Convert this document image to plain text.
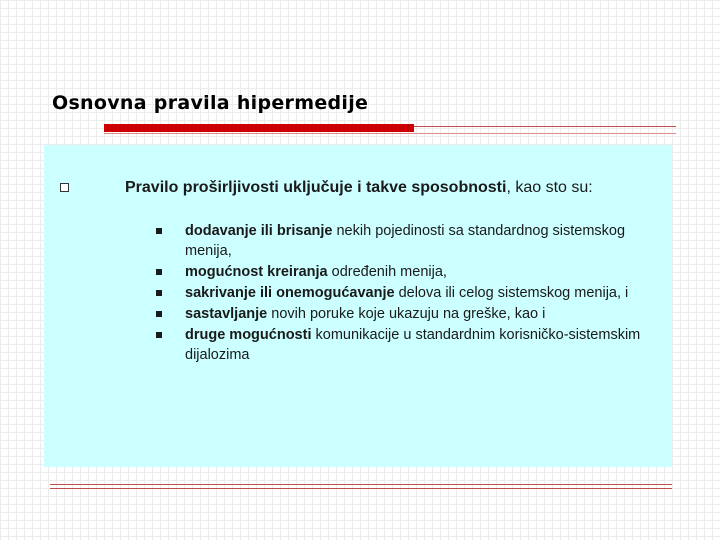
Osnovna pravila hipermedije
Pravilo proširljivosti uključuje i takve sposobnosti, kao sto su:
dodavanje ili brisanje nekih pojedinosti sa standardnog sistemskog menija,
mogućnost kreiranja određenih menija,
sakrivanje ili onemogućavanje delova ili celog sistemskog menija, i
sastavljanje novih poruke koje ukazuju na greške, kao i
druge mogućnosti komunikacije u standardnim korisničko-sistemskim dijalozima
